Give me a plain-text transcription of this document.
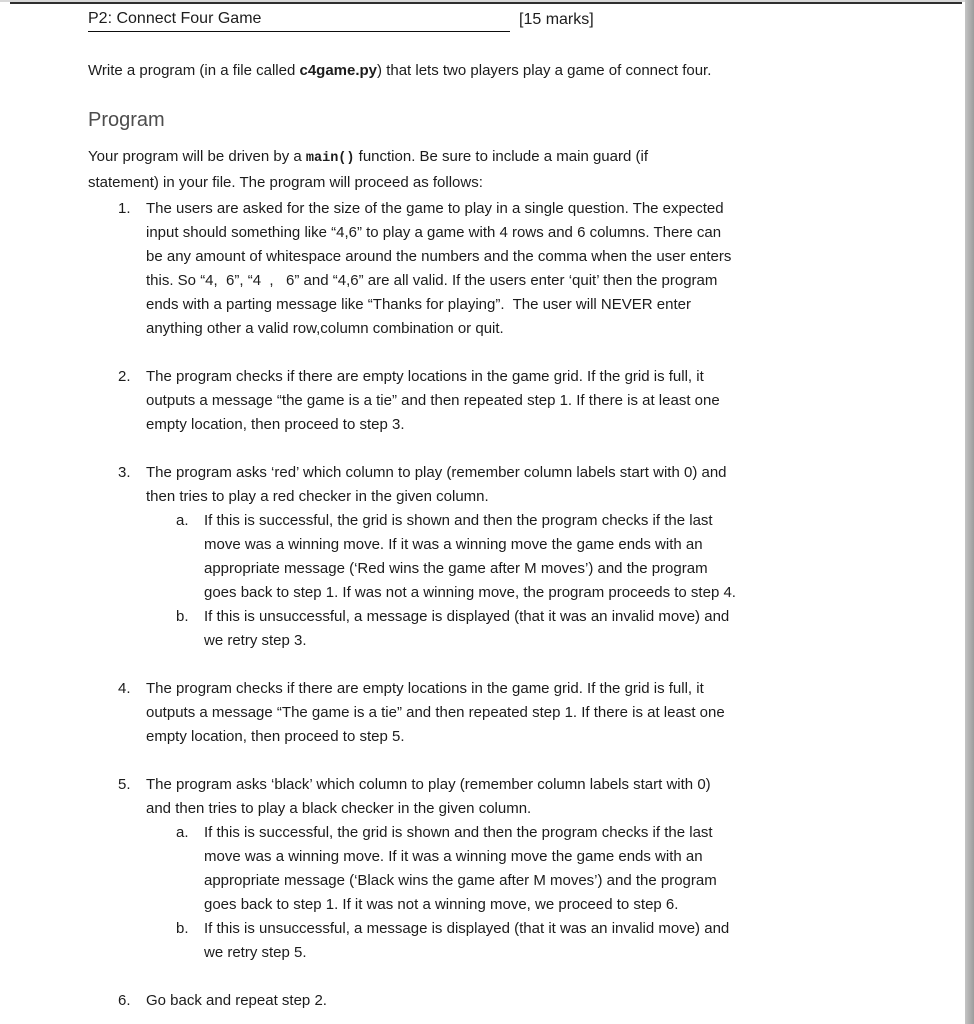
P2: Connect Four Game	[15 marks]
Write a program (in a file called c4game.py) that lets two players play a game of connect four.
Program
Your program will be driven by a main() function. Be sure to include a main guard (if
statement) in your file. The program will proceed as follows:
1.	The users are asked for the size of the game to play in a single question. The expected
input should something like “4,6” to play a game with 4 rows and 6 columns. There can
be any amount of whitespace around the numbers and the comma when the user enters
this. So “4,  6”, “4  ,   6” and “4,6” are all valid. If the users enter ‘quit’ then the program
ends with a parting message like “Thanks for playing”.  The user will NEVER enter
anything other a valid row,column combination or quit.
2.	The program checks if there are empty locations in the game grid. If the grid is full, it
outputs a message “the game is a tie” and then repeated step 1. If there is at least one
empty location, then proceed to step 3.
3.	The program asks ‘red’ which column to play (remember column labels start with 0) and
then tries to play a red checker in the given column.
a.	If this is successful, the grid is shown and then the program checks if the last
move was a winning move. If it was a winning move the game ends with an
appropriate message (‘Red wins the game after M moves’) and the program
goes back to step 1. If was not a winning move, the program proceeds to step 4.
b.	If this is unsuccessful, a message is displayed (that it was an invalid move) and
we retry step 3.
4.	The program checks if there are empty locations in the game grid. If the grid is full, it
outputs a message “The game is a tie” and then repeated step 1. If there is at least one
empty location, then proceed to step 5.
5.	The program asks ‘black’ which column to play (remember column labels start with 0)
and then tries to play a black checker in the given column.
a.	If this is successful, the grid is shown and then the program checks if the last
move was a winning move. If it was a winning move the game ends with an
appropriate message (‘Black wins the game after M moves’) and the program
goes back to step 1. If it was not a winning move, we proceed to step 6.
b.	If this is unsuccessful, a message is displayed (that it was an invalid move) and
we retry step 5.
6.	Go back and repeat step 2.
